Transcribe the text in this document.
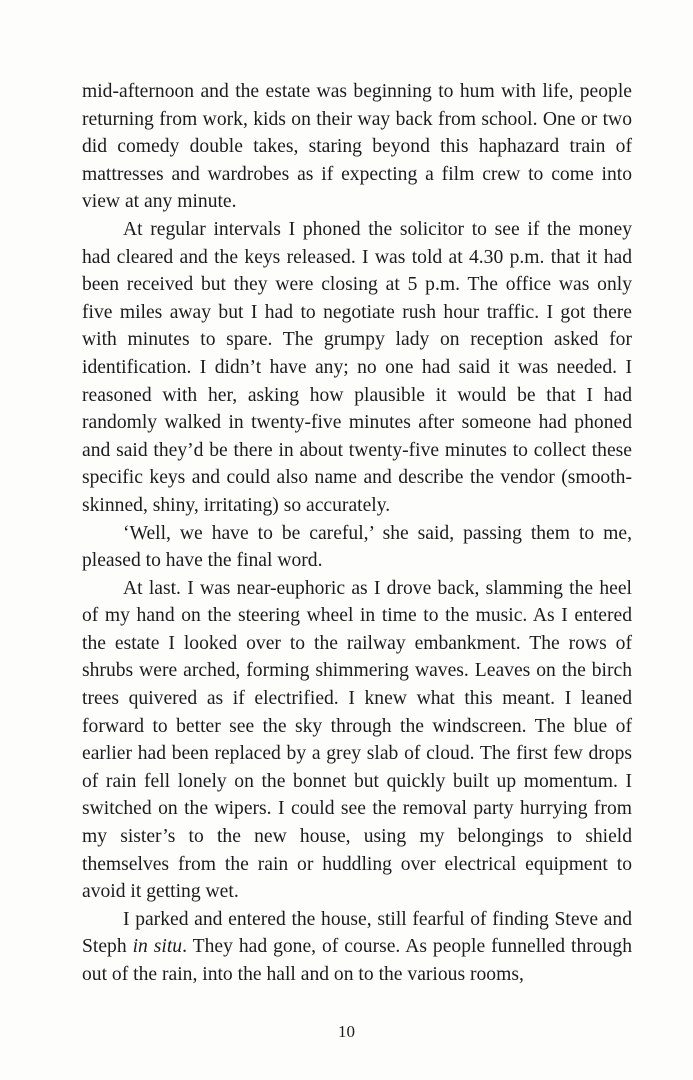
mid-afternoon and the estate was beginning to hum with life, people returning from work, kids on their way back from school. One or two did comedy double takes, staring beyond this haphazard train of mattresses and wardrobes as if expecting a film crew to come into view at any minute.

At regular intervals I phoned the solicitor to see if the money had cleared and the keys released. I was told at 4.30 p.m. that it had been received but they were closing at 5 p.m. The office was only five miles away but I had to negotiate rush hour traffic. I got there with minutes to spare. The grumpy lady on reception asked for identification. I didn’t have any; no one had said it was needed. I reasoned with her, asking how plausible it would be that I had randomly walked in twenty-five minutes after someone had phoned and said they’d be there in about twenty-five minutes to collect these specific keys and could also name and describe the vendor (smooth-skinned, shiny, irritating) so accurately.

‘Well, we have to be careful,’ she said, passing them to me, pleased to have the final word.

At last. I was near-euphoric as I drove back, slamming the heel of my hand on the steering wheel in time to the music. As I entered the estate I looked over to the railway embankment. The rows of shrubs were arched, forming shimmering waves. Leaves on the birch trees quivered as if electrified. I knew what this meant. I leaned forward to better see the sky through the windscreen. The blue of earlier had been replaced by a grey slab of cloud. The first few drops of rain fell lonely on the bonnet but quickly built up momentum. I switched on the wipers. I could see the removal party hurrying from my sister’s to the new house, using my belongings to shield themselves from the rain or huddling over electrical equipment to avoid it getting wet.

I parked and entered the house, still fearful of finding Steve and Steph in situ. They had gone, of course. As people funnelled through out of the rain, into the hall and on to the various rooms,

10
